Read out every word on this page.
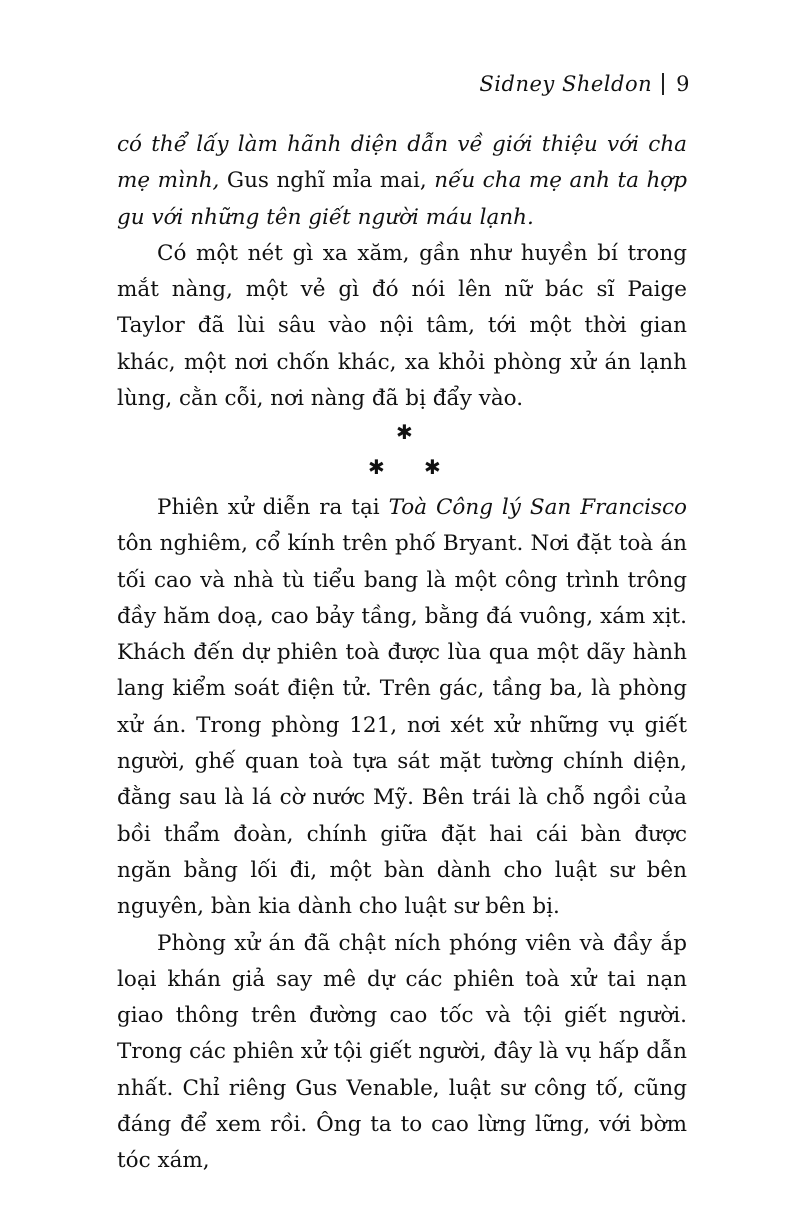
Sidney Sheldon 9

có thể lấy làm hãnh diện dẫn về giới thiệu với cha mẹ mình, Gus nghĩ mỉa mai, nếu cha mẹ anh ta hợp gu với những tên giết người máu lạnh.

Có một nét gì xa xăm, gần như huyền bí trong mắt nàng, một vẻ gì đó nói lên nữ bác sĩ Paige Taylor đã lùi sâu vào nội tâm, tới một thời gian khác, một nơi chốn khác, xa khỏi phòng xử án lạnh lùng, cằn cỗi, nơi nàng đã bị đẩy vào.

✱
✱ ✱

Phiên xử diễn ra tại Toà Công lý San Francisco tôn nghiêm, cổ kính trên phố Bryant. Nơi đặt toà án tối cao và nhà tù tiểu bang là một công trình trông đầy hăm doạ, cao bảy tầng, bằng đá vuông, xám xịt. Khách đến dự phiên toà được lùa qua một dãy hành lang kiểm soát điện tử. Trên gác, tầng ba, là phòng xử án. Trong phòng 121, nơi xét xử những vụ giết người, ghế quan toà tựa sát mặt tường chính diện, đằng sau là lá cờ nước Mỹ. Bên trái là chỗ ngồi của bồi thẩm đoàn, chính giữa đặt hai cái bàn được ngăn bằng lối đi, một bàn dành cho luật sư bên nguyên, bàn kia dành cho luật sư bên bị.

Phòng xử án đã chật ních phóng viên và đầy ắp loại khán giả say mê dự các phiên toà xử tai nạn giao thông trên đường cao tốc và tội giết người. Trong các phiên xử tội giết người, đây là vụ hấp dẫn nhất. Chỉ riêng Gus Venable, luật sư công tố, cũng đáng để xem rồi. Ông ta to cao lừng lững, với bờm tóc xám,
